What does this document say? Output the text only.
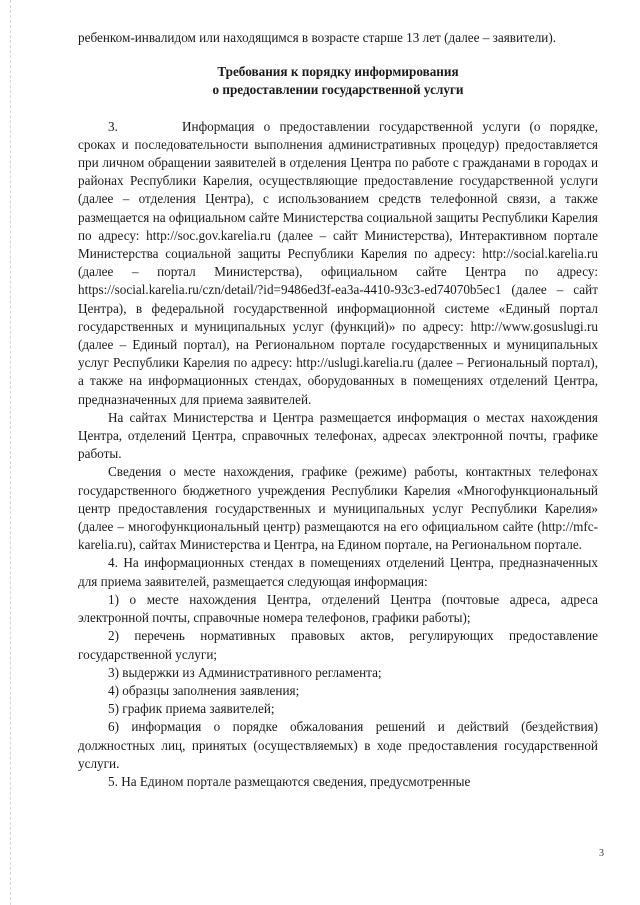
ребенком-инвалидом или находящимся в возрасте старше 13 лет (далее – заявители).

Требования к порядку информирования
о предоставлении государственной услуги

3.	Информация о предоставлении государственной услуги (о порядке, сроках и последовательности выполнения административных процедур) предоставляется при личном обращении заявителей в отделения Центра по работе с гражданами в городах и районах Республики Карелия, осуществляющие предоставление государственной услуги (далее – отделения Центра), с использованием средств телефонной связи, а также размещается на официальном сайте Министерства социальной защиты Республики Карелия по адресу: http://soc.gov.karelia.ru (далее – сайт Министерства), Интерактивном портале Министерства социальной защиты Республики Карелия по адресу: http://social.karelia.ru (далее – портал Министерства), официальном сайте Центра по адресу: https://social.karelia.ru/czn/detail/?id=9486ed3f-ea3a-4410-93c3-ed74070b5ec1 (далее – сайт Центра), в федеральной государственной информационной системе «Единый портал государственных и муниципальных услуг (функций)» по адресу: http://www.gosuslugi.ru (далее – Единый портал), на Региональном портале государственных и муниципальных услуг Республики Карелия по адресу: http://uslugi.karelia.ru (далее – Региональный портал), а также на информационных стендах, оборудованных в помещениях отделений Центра, предназначенных для приема заявителей.

На сайтах Министерства и Центра размещается информация о местах нахождения Центра, отделений Центра, справочных телефонах, адресах электронной почты, графике работы.

Сведения о месте нахождения, графике (режиме) работы, контактных телефонах государственного бюджетного учреждения Республики Карелия «Многофункциональный центр предоставления государственных и муниципальных услуг Республики Карелия» (далее – многофункциональный центр) размещаются на его официальном сайте (http://mfc-karelia.ru), сайтах Министерства и Центра, на Едином портале, на Региональном портале.

4. На информационных стендах в помещениях отделений Центра, предназначенных для приема заявителей, размещается следующая информация:

1) о месте нахождения Центра, отделений Центра (почтовые адреса, адреса электронной почты, справочные номера телефонов, графики работы);

2) перечень нормативных правовых актов, регулирующих предоставление государственной услуги;

3) выдержки из Административного регламента;

4) образцы заполнения заявления;

5) график приема заявителей;

6) информация о порядке обжалования решений и действий (бездействия) должностных лиц, принятых (осуществляемых) в ходе предоставления государственной услуги.

5. На Едином портале размещаются сведения, предусмотренные

3
